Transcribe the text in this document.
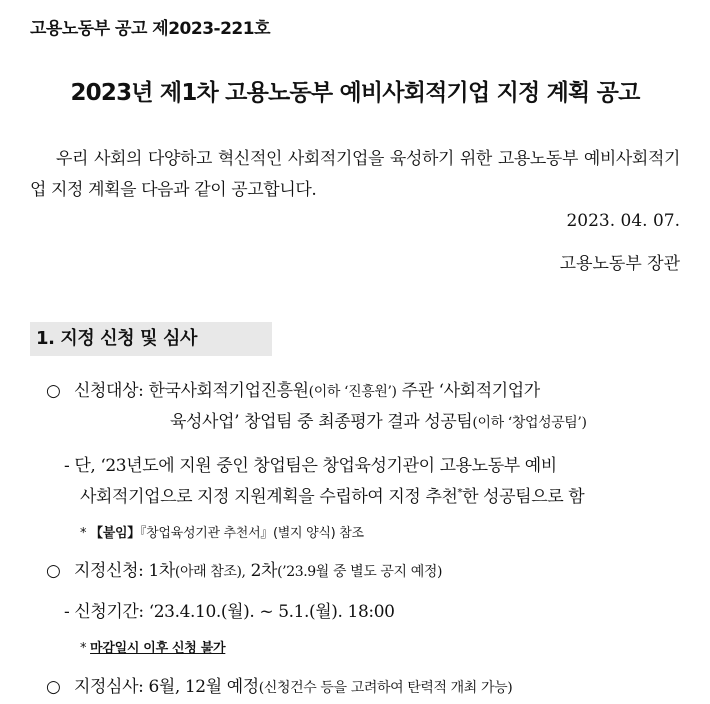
고용노동부 공고 제2023-221호
2023년 제1차 고용노동부 예비사회적기업 지정 계획 공고
우리 사회의 다양하고 혁신적인 사회적기업을 육성하기 위한 고용노동부 예비사회적기업 지정 계획을 다음과 같이 공고합니다.
2023. 04. 07.
고용노동부 장관
1. 지정 신청 및 심사
○ 신청대상: 한국사회적기업진흥원(이하 ‘진흥원’) 주관 ‘사회적기업가
육성사업’ 창업팀 중 최종평가 결과 성공팀(이하 ‘창업성공팀’)
- 단, ‘23년도에 지원 중인 창업팀은 창업육성기관이 고용노동부 예비
사회적기업으로 지정 지원계획을 수립하여 지정 추천*한 성공팀으로 함
* 【붙임】『창업육성기관 추천서』(별지 양식) 참조
○ 지정신청: 1차(아래 참조), 2차(’23.9월 중 별도 공지 예정)
- 신청기간: ‘23.4.10.(월). ~ 5.1.(월). 18:00
* 마감일시 이후 신청 불가
○ 지정심사: 6월, 12월 예정(신청건수 등을 고려하여 탄력적 개최 가능)
